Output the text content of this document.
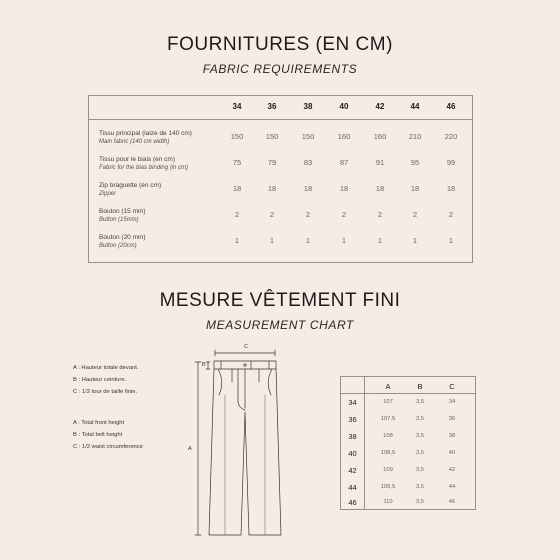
FOURNITURES (EN CM)
FABRIC REQUIREMENTS
34	36	38	40	42	44	46
Tissu principal (laize de 140 cm)
Main fabric (140 cm width)
150	150	150	160	160	210	220
Tissu pour le biais (en cm)
Fabric for the bias binding (in cm)
75	79	83	87	91	95	99
Zip braguette (en cm)
Zipper
18	18	18	18	18	18	18
Bouton (15 mm)
Button (15mm)
2	2	2	2	2	2	2
Bouton (20 mm)
Button (20cm)
1	1	1	1	1	1	1
MESURE VÊTEMENT FINI
MEASUREMENT CHART
A : Hauteur totale devant.
B : Hauteur ceinture.
C : 1/2 tour de taille finie.
A : Total front height
B : Total belt height
C : 1/2 waist circumference
C
A
B
A	B	C
34	107	3,5	34
36	107,5	3,5	36
38	108	3,5	38
40	108,5	3,5	40
42	109	3,5	42
44	109,5	3,5	44
46	110	3,5	46
